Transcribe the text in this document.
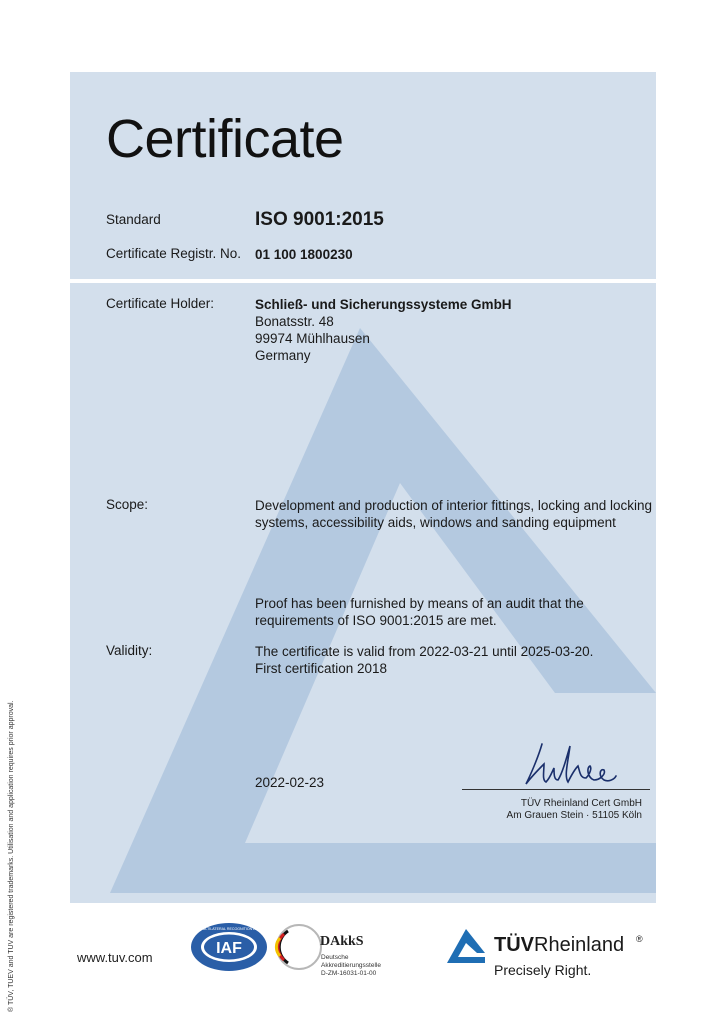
Certificate
Standard	ISO 9001:2015
Certificate Registr. No. 01 100 1800230
Certificate Holder:	Schließ- und Sicherungssysteme GmbH
Bonatsstr. 48
99974 Mühlhausen
Germany
Scope:	Development and production of interior fittings, locking and locking
systems, accessibility aids, windows and sanding equipment
Proof has been furnished by means of an audit that the
requirements of ISO 9001:2015 are met.
Validity:	The certificate is valid from 2022-03-21 until 2025-03-20.
First certification 2018
2022-02-23
TÜV Rheinland Cert GmbH
Am Grauen Stein · 51105 Köln
® TÜV, TUEV and TUV are registered trademarks. Utilisation and application requires prior approval.	www.tuv.com
IAF
MEMBER OF MULTILATERAL RECOGNITION ARRANGEMENT
DAkkS
Deutsche
Akkreditierungsstelle
D-ZM-16031-01-00
TÜVRheinland ®
Precisely Right.
